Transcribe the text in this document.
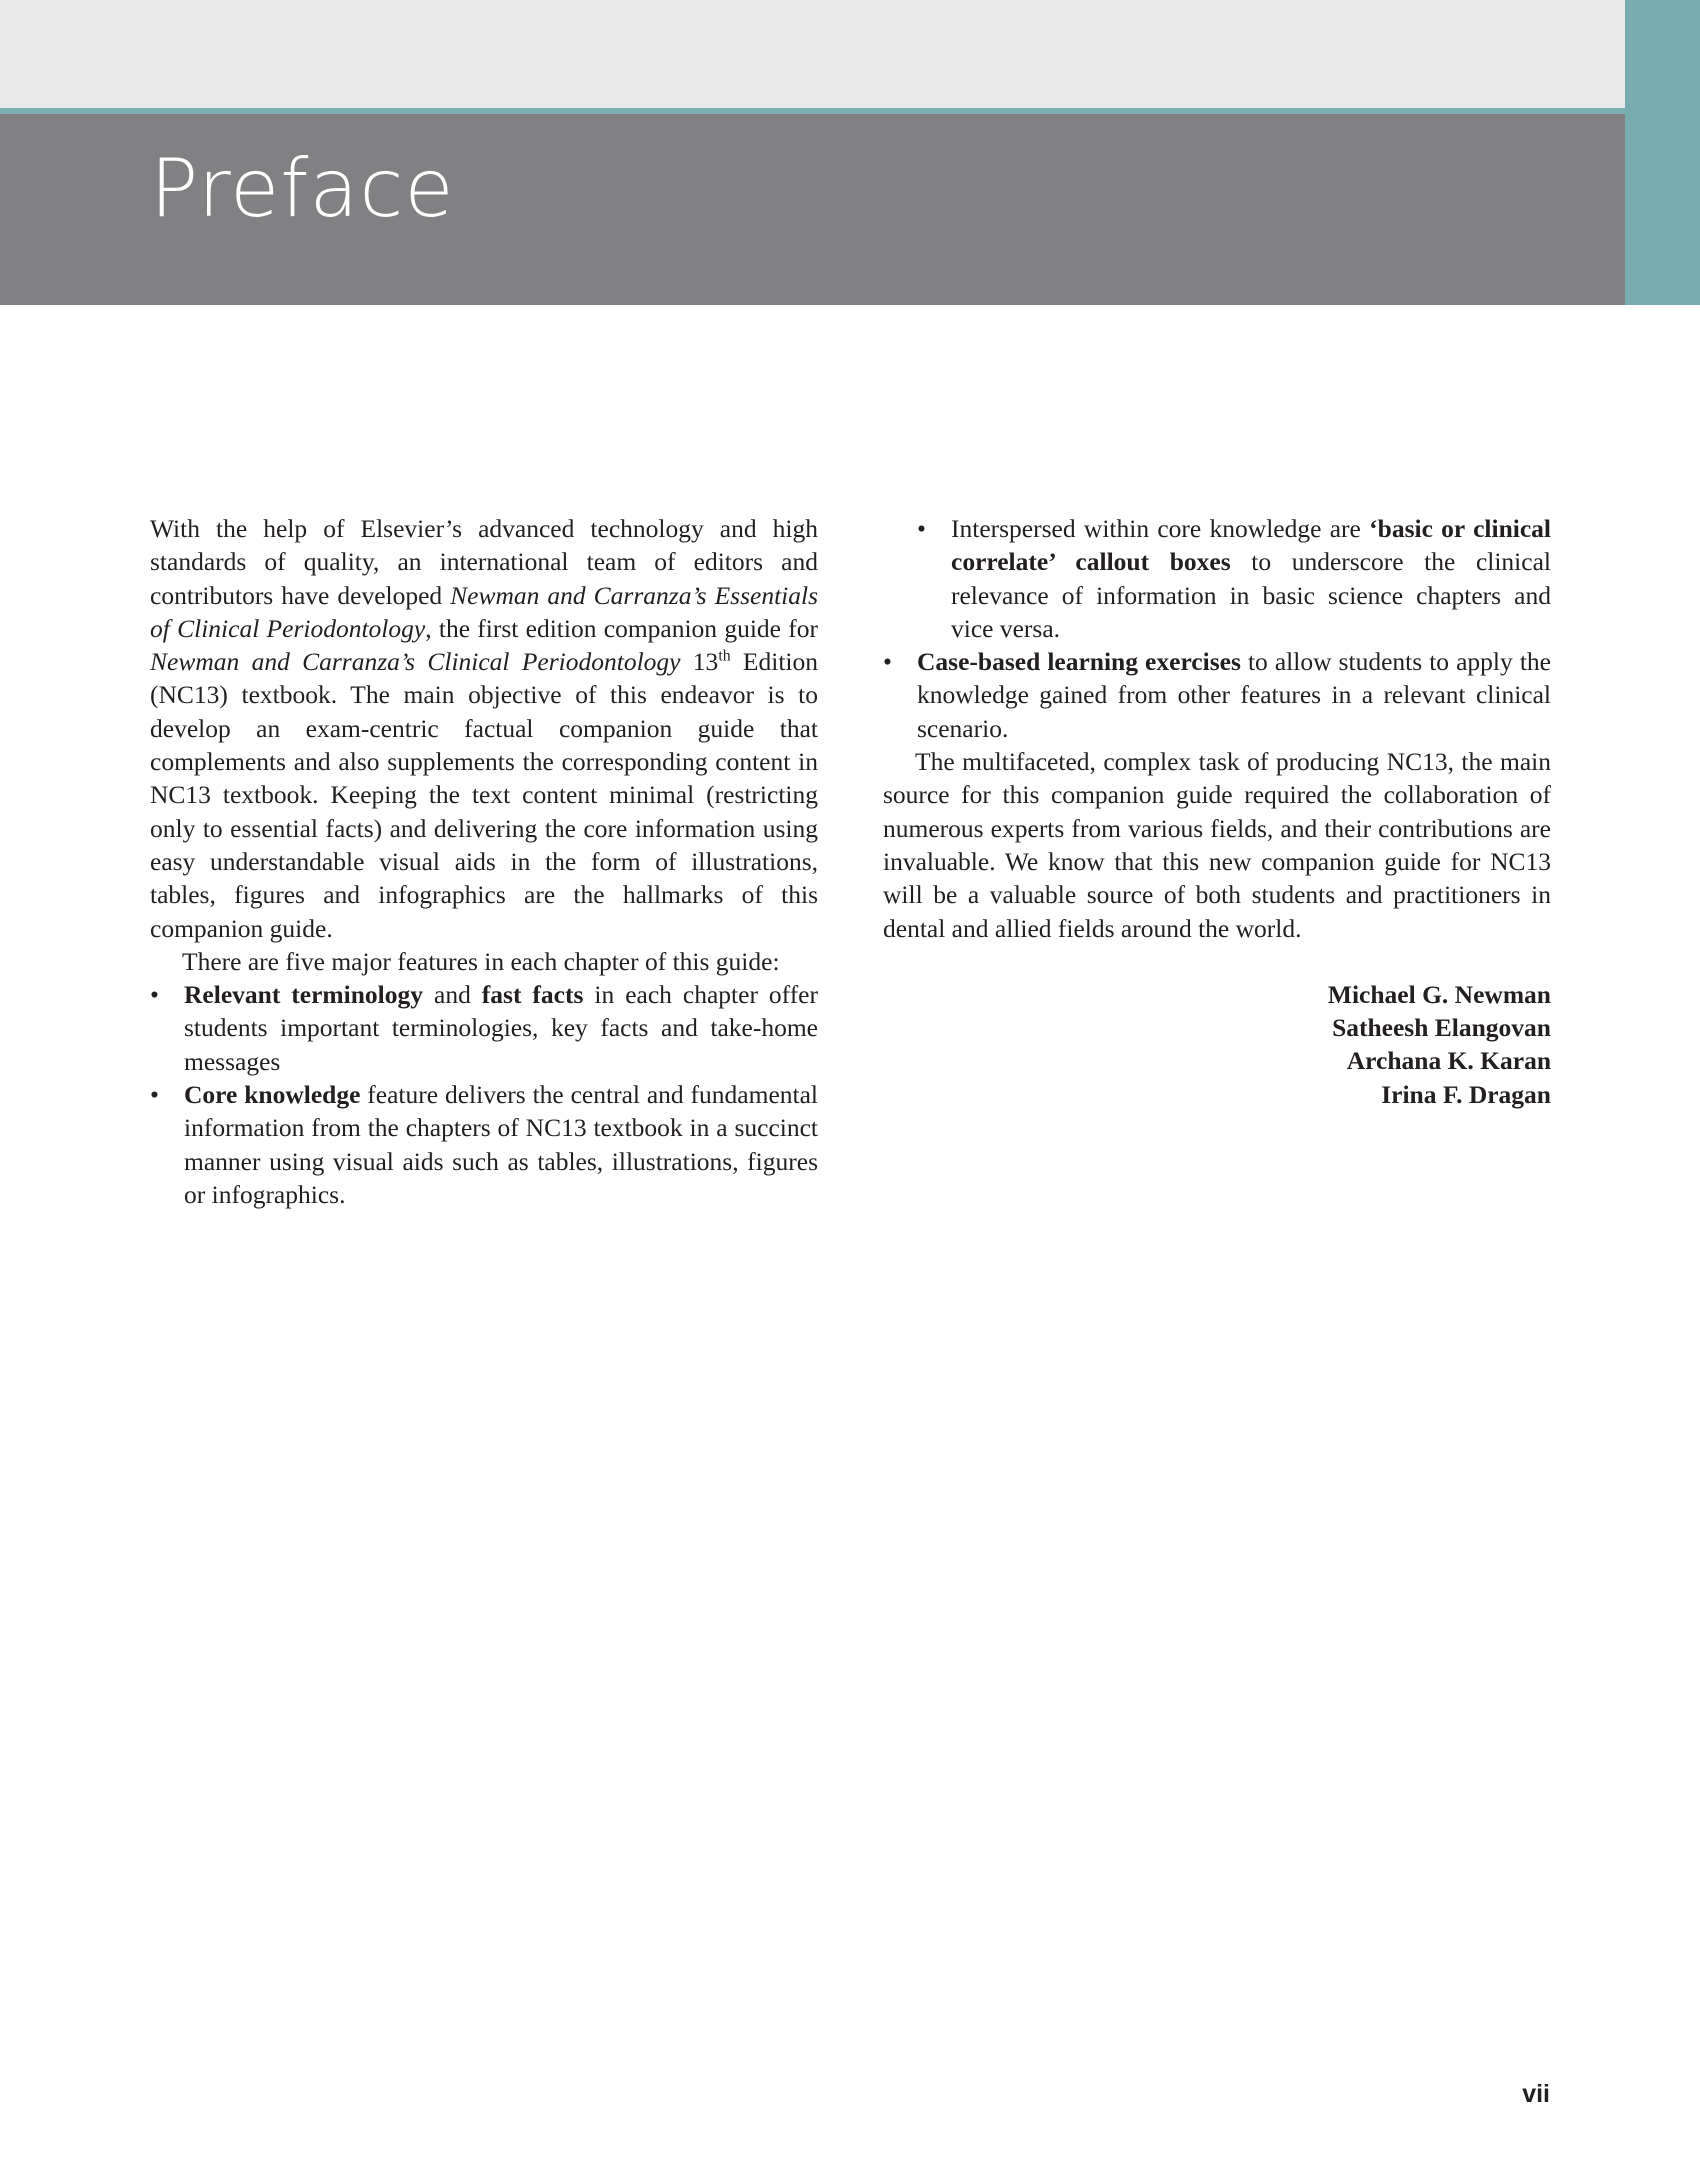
Preface

With the help of Elsevier’s advanced technology and high standards of quality, an international team of editors and contributors have developed Newman and Carranza’s Essentials of Clinical Periodontology, the first edition companion guide for Newman and Carranza’s Clinical Periodontology 13th Edition (NC13) textbook. The main objective of this endeavor is to develop an exam-centric factual companion guide that complements and also supplements the corresponding content in NC13 textbook. Keeping the text content minimal (restricting only to essential facts) and delivering the core information using easy understandable visual aids in the form of illustrations, tables, figures and infographics are the hallmarks of this companion guide.

There are five major features in each chapter of this guide:

• Relevant terminology and fast facts in each chapter offer students important terminologies, key facts and take-home messages
• Core knowledge feature delivers the central and fundamental information from the chapters of NC13 textbook in a succinct manner using visual aids such as tables, illustrations, figures or infographics.
• Interspersed within core knowledge are ‘basic or clinical correlate’ callout boxes to underscore the clinical relevance of information in basic science chapters and vice versa.
• Case-based learning exercises to allow students to apply the knowledge gained from other features in a relevant clinical scenario.

The multifaceted, complex task of producing NC13, the main source for this companion guide required the collaboration of numerous experts from various fields, and their contributions are invaluable. We know that this new companion guide for NC13 will be a valuable source of both students and practitioners in dental and allied fields around the world.

Michael G. Newman
Satheesh Elangovan
Archana K. Karan
Irina F. Dragan
vii
